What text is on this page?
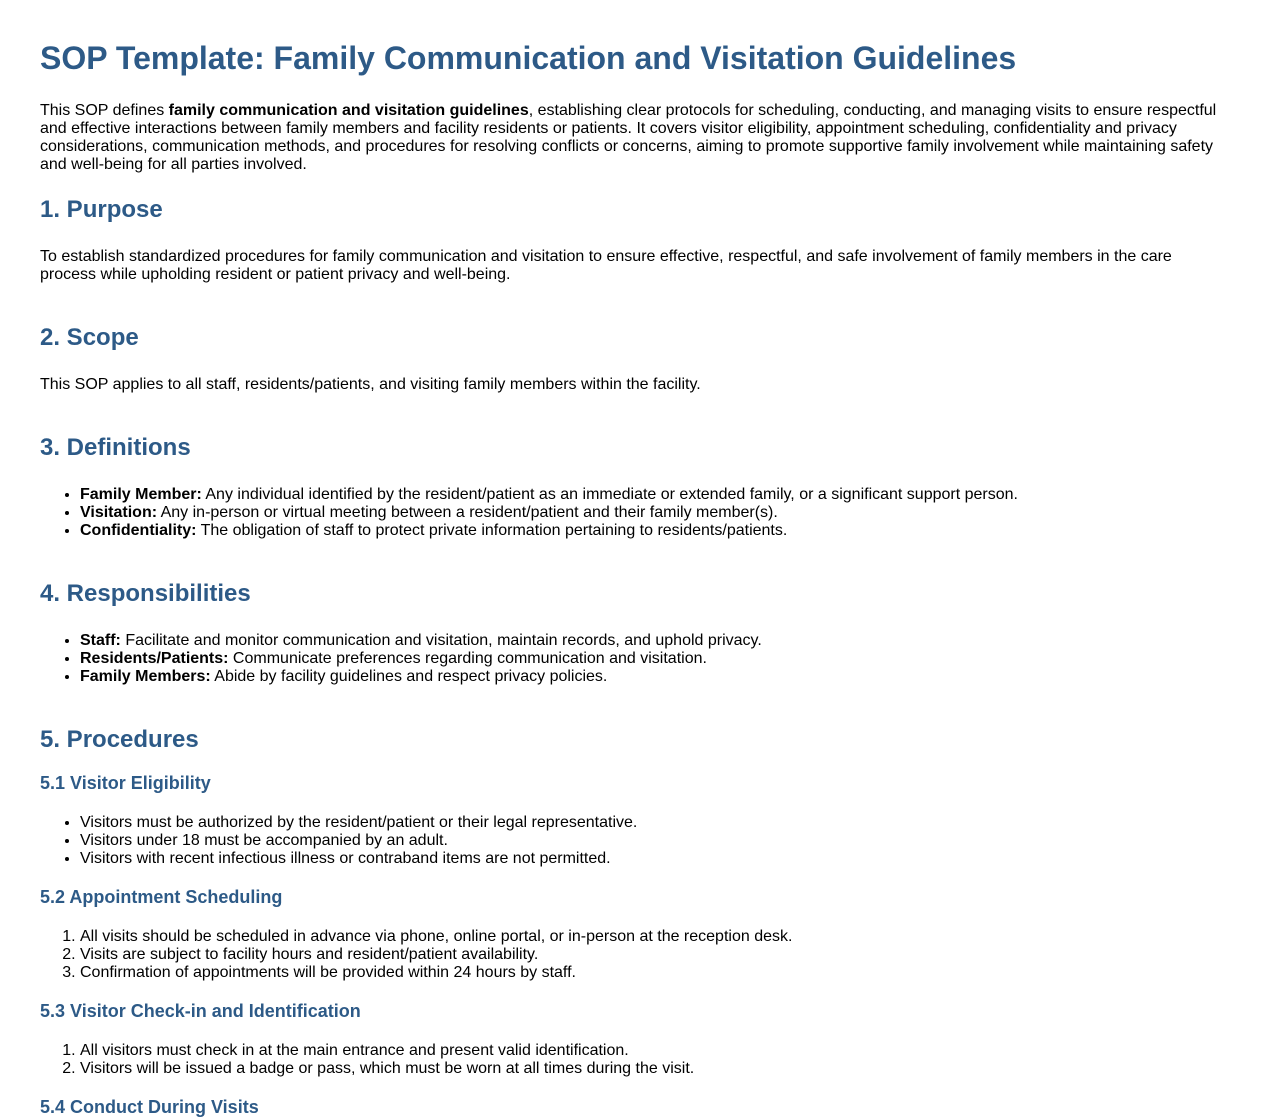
SOP Template: Family Communication and Visitation Guidelines

This SOP defines family communication and visitation guidelines, establishing clear protocols for scheduling, conducting, and managing visits to ensure respectful and effective interactions between family members and facility residents or patients. It covers visitor eligibility, appointment scheduling, confidentiality and privacy considerations, communication methods, and procedures for resolving conflicts or concerns, aiming to promote supportive family involvement while maintaining safety and well-being for all parties involved.

1. Purpose

To establish standardized procedures for family communication and visitation to ensure effective, respectful, and safe involvement of family members in the care process while upholding resident or patient privacy and well-being.

2. Scope

This SOP applies to all staff, residents/patients, and visiting family members within the facility.

3. Definitions
• Family Member: Any individual identified by the resident/patient as an immediate or extended family, or a significant support person.
• Visitation: Any in-person or virtual meeting between a resident/patient and their family member(s).
• Confidentiality: The obligation of staff to protect private information pertaining to residents/patients.
4. Responsibilities
• Staff: Facilitate and monitor communication and visitation, maintain records, and uphold privacy.
• Residents/Patients: Communicate preferences regarding communication and visitation.
• Family Members: Abide by facility guidelines and respect privacy policies.
5. Procedures
5.1 Visitor Eligibility
• Visitors must be authorized by the resident/patient or their legal representative.
• Visitors under 18 must be accompanied by an adult.
• Visitors with recent infectious illness or contraband items are not permitted.
5.2 Appointment Scheduling
1. All visits should be scheduled in advance via phone, online portal, or in-person at the reception desk.
2. Visits are subject to facility hours and resident/patient availability.
3. Confirmation of appointments will be provided within 24 hours by staff.
5.3 Visitor Check-in and Identification
1. All visitors must check in at the main entrance and present valid identification.
2. Visitors will be issued a badge or pass, which must be worn at all times during the visit.
5.4 Conduct During Visits
